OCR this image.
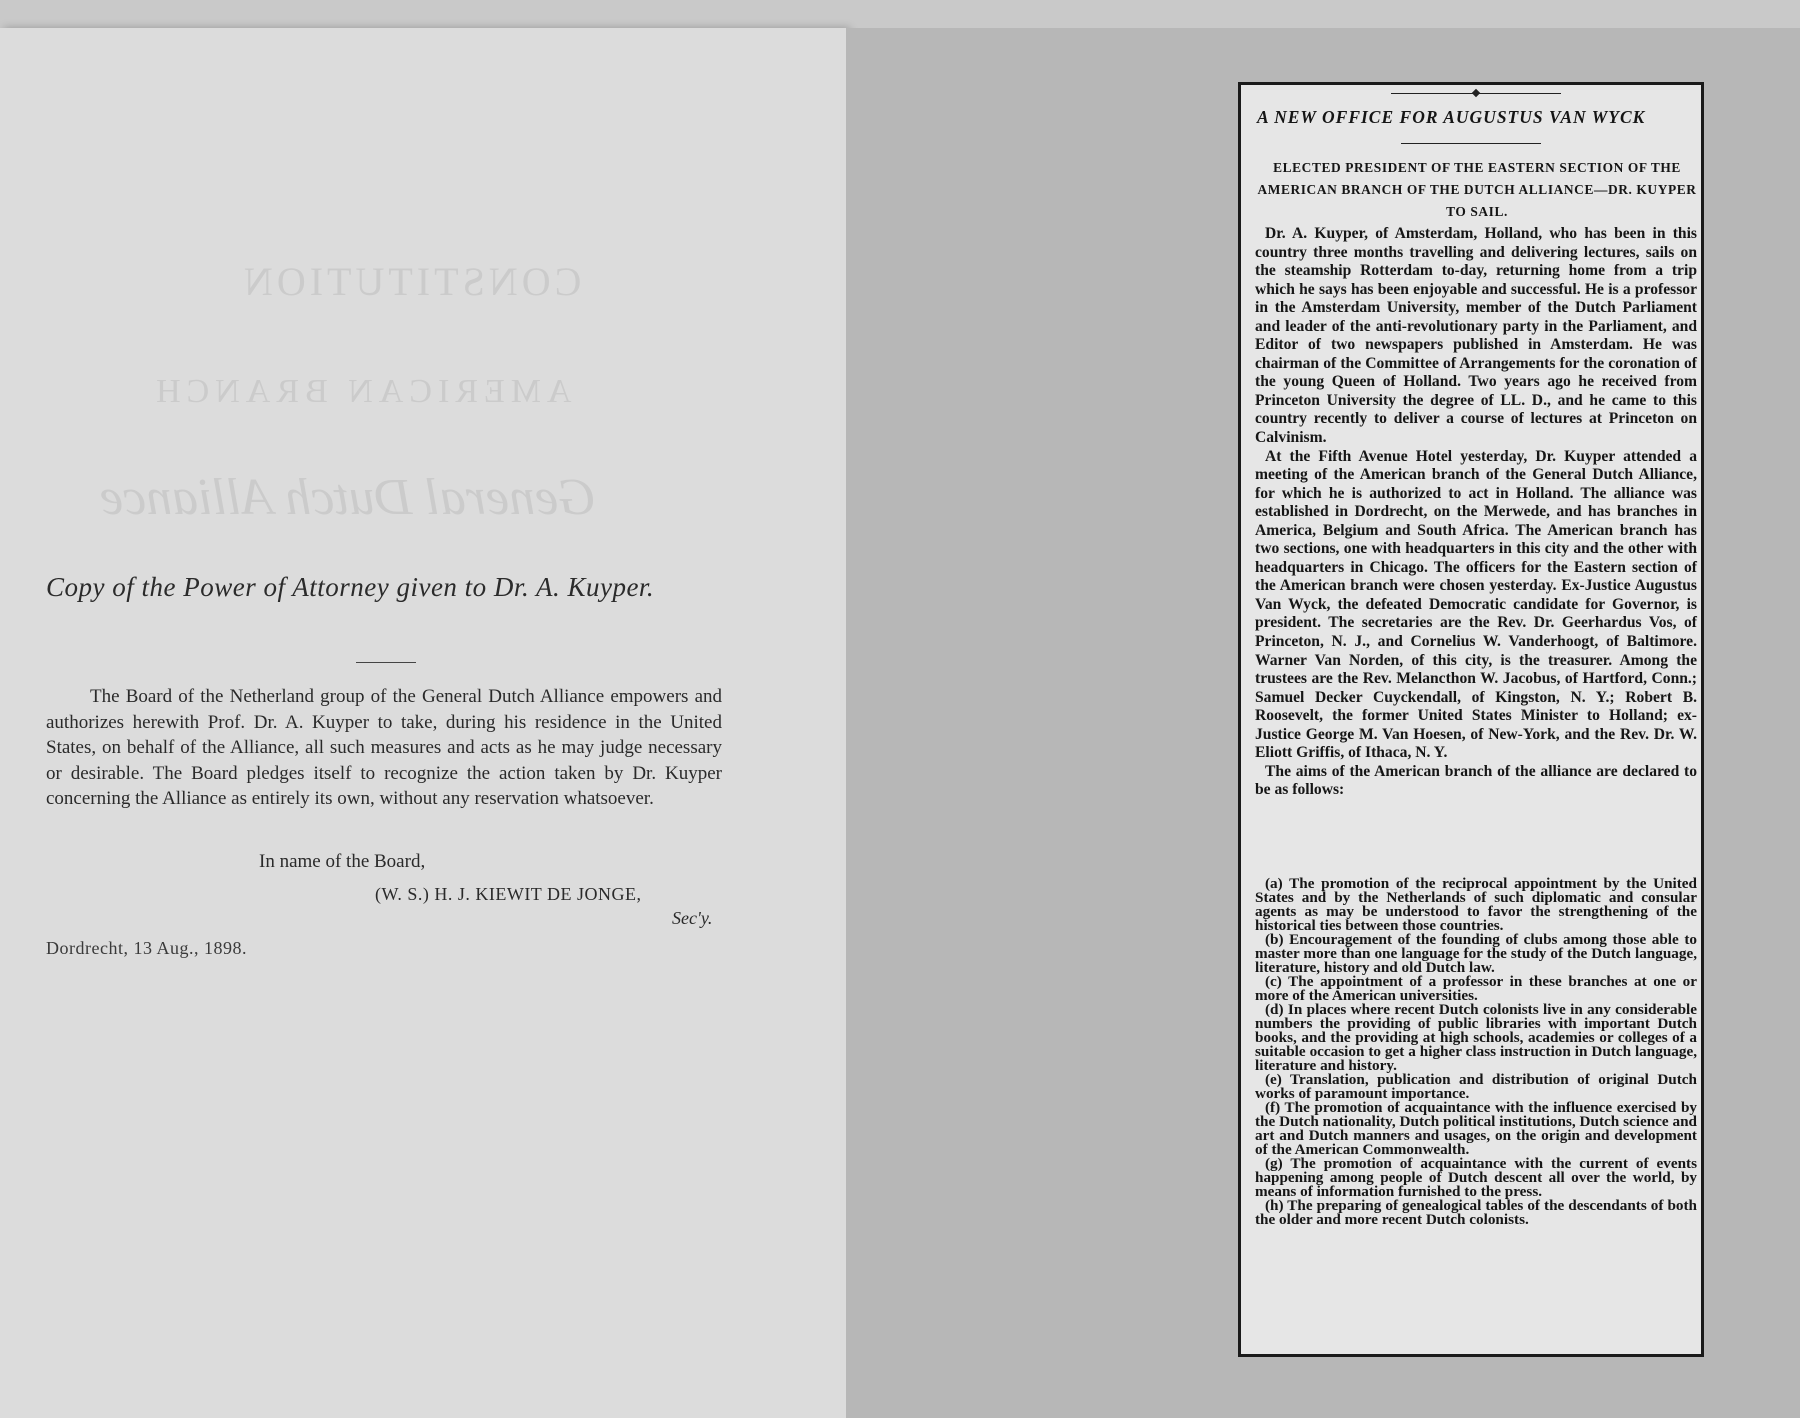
CONSTITUTION
AMERICAN BRANCH
General Dutch Alliance
Copy of the Power of Attorney given to Dr. A. Kuyper.
The Board of the Netherland group of the General Dutch Alliance empowers and authorizes herewith Prof. Dr. A. Kuyper to take, during his residence in the United States, on behalf of the Alliance, all such measures and acts as he may judge necessary or desirable. The Board pledges itself to recognize the action taken by Dr. Kuyper concerning the Alliance as entirely its own, without any reservation whatsoever.
In name of the Board,
(W. S.) H. J. KIEWIT DE JONGE,
Sec'y.
Dordrecht, 13 Aug., 1898.
A NEW OFFICE FOR AUGUSTUS VAN WYCK
ELECTED PRESIDENT OF THE EASTERN SECTION OF THE AMERICAN BRANCH OF THE DUTCH ALLIANCE—DR. KUYPER TO SAIL.

Dr. A. Kuyper, of Amsterdam, Holland, who has been in this country three months travelling and delivering lectures, sails on the steamship Rotterdam to-day, returning home from a trip which he says has been enjoyable and successful. He is a professor in the Amsterdam University, member of the Dutch Parliament and leader of the anti-revolutionary party in the Parliament, and Editor of two newspapers published in Amsterdam. He was chairman of the Committee of Arrangements for the coronation of the young Queen of Holland. Two years ago he received from Princeton University the degree of LL. D., and he came to this country recently to deliver a course of lectures at Princeton on Calvinism.

At the Fifth Avenue Hotel yesterday, Dr. Kuyper attended a meeting of the American branch of the General Dutch Alliance, for which he is authorized to act in Holland. The alliance was established in Dordrecht, on the Merwede, and has branches in America, Belgium and South Africa. The American branch has two sections, one with headquarters in this city and the other with headquarters in Chicago. The officers for the Eastern section of the American branch were chosen yesterday. Ex-Justice Augustus Van Wyck, the defeated Democratic candidate for Governor, is president. The secretaries are the Rev. Dr. Geerhardus Vos, of Princeton, N. J., and Cornelius W. Vanderhoogt, of Baltimore. Warner Van Norden, of this city, is the treasurer. Among the trustees are the Rev. Melancthon W. Jacobus, of Hartford, Conn.; Samuel Decker Cuyckendall, of Kingston, N. Y.; Robert B. Roosevelt, the former United States Minister to Holland; ex-Justice George M. Van Hoesen, of New-York, and the Rev. Dr. W. Eliott Griffis, of Ithaca, N. Y.

The aims of the American branch of the alliance are declared to be as follows:

(a) The promotion of the reciprocal appointment by the United States and by the Netherlands of such diplomatic and consular agents as may be understood to favor the strengthening of the historical ties between those countries.

(b) Encouragement of the founding of clubs among those able to master more than one language for the study of the Dutch language, literature, history and old Dutch law.

(c) The appointment of a professor in these branches at one or more of the American universities.

(d) In places where recent Dutch colonists live in any considerable numbers the providing of public libraries with important Dutch books, and the providing at high schools, academies or colleges of a suitable occasion to get a higher class instruction in Dutch language, literature and history.

(e) Translation, publication and distribution of original Dutch works of paramount importance.

(f) The promotion of acquaintance with the influence exercised by the Dutch nationality, Dutch political institutions, Dutch science and art and Dutch manners and usages, on the origin and development of the American Commonwealth.

(g) The promotion of acquaintance with the current of events happening among people of Dutch descent all over the world, by means of information furnished to the press.

(h) The preparing of genealogical tables of the descendants of both the older and more recent Dutch colonists.
